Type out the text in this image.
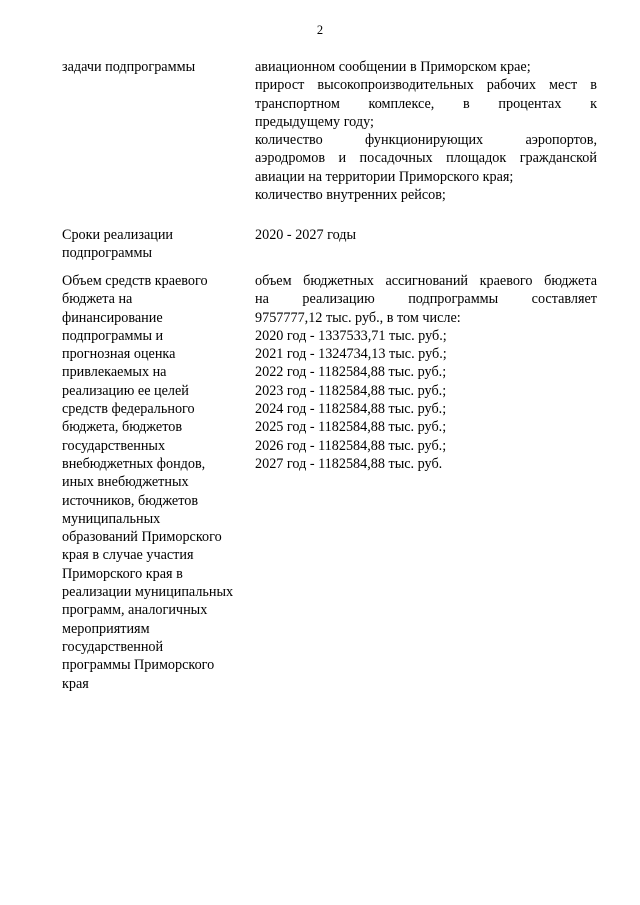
2
задачи подпрограммы	авиационном сообщении в Приморском крае;
прирост высокопроизводительных рабочих мест в
транспортном комплексе, в процентах к
предыдущему году;
количество функционирующих аэропортов,
аэродромов и посадочных площадок гражданской
авиации на территории Приморского края;
количество внутренних рейсов;
Сроки реализации
подпрограммы
2020 - 2027 годы
Объем средств краевого
бюджета на
финансирование
подпрограммы и
прогнозная оценка
привлекаемых на
реализацию ее целей
средств федерального
бюджета, бюджетов
государственных
внебюджетных фондов,
иных внебюджетных
источников, бюджетов
муниципальных
образований Приморского
края в случае участия
Приморского края в
реализации муниципальных
программ, аналогичных
мероприятиям
государственной
программы Приморского
края
объем бюджетных ассигнований краевого бюджета
на реализацию подпрограммы составляет
9757777,12 тыс. руб., в том числе:
2020 год - 1337533,71 тыс. руб.;
2021 год - 1324734,13 тыс. руб.;
2022 год - 1182584,88 тыс. руб.;
2023 год - 1182584,88 тыс. руб.;
2024 год - 1182584,88 тыс. руб.;
2025 год - 1182584,88 тыс. руб.;
2026 год - 1182584,88 тыс. руб.;
2027 год - 1182584,88 тыс. руб.
